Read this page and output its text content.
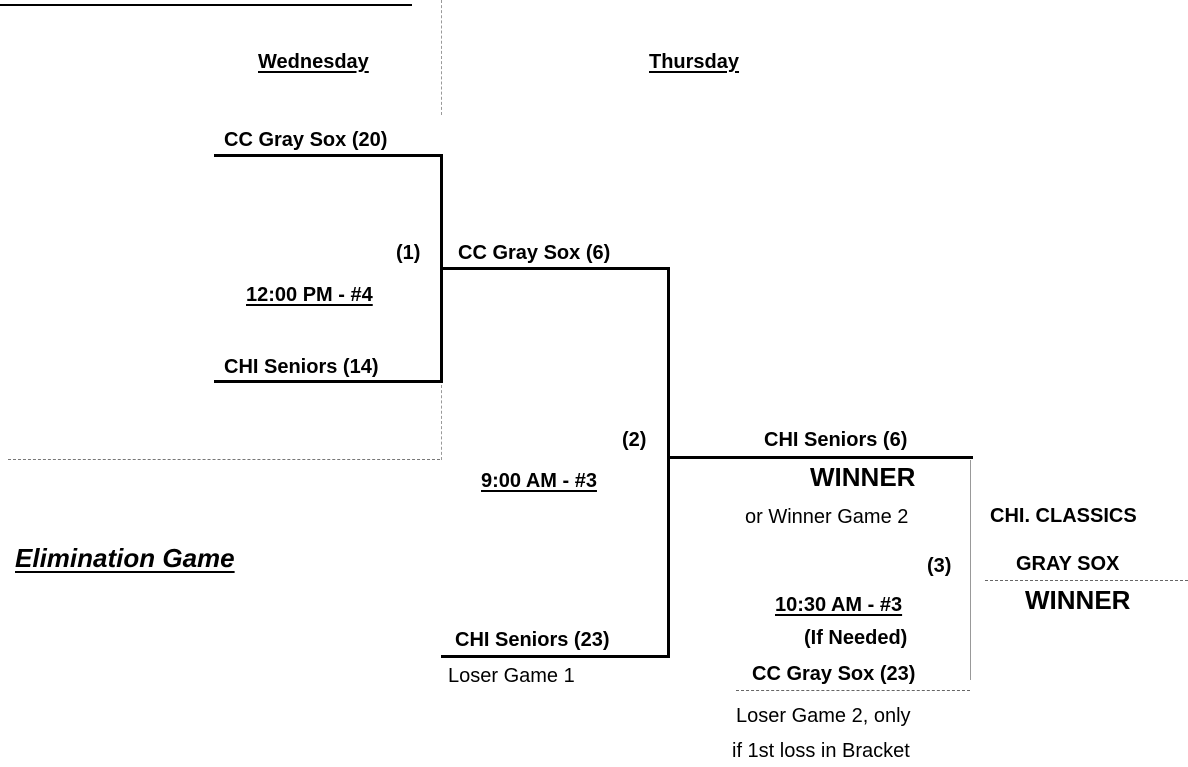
Wednesday	Thursday
CC Gray Sox (20)
(1)
12:00 PM - #4
CHI Seniors (14)
CC Gray Sox (6)
(2)
9:00 AM - #3
CHI Seniors (23)
Loser Game 1
CHI Seniors (6)
WINNER
or Winner Game 2
(3)
10:30 AM - #3
(If Needed)
CC Gray Sox (23)
Loser Game 2, only
if 1st loss in Bracket
CHI. CLASSICS
GRAY SOX
WINNER
Elimination Game
